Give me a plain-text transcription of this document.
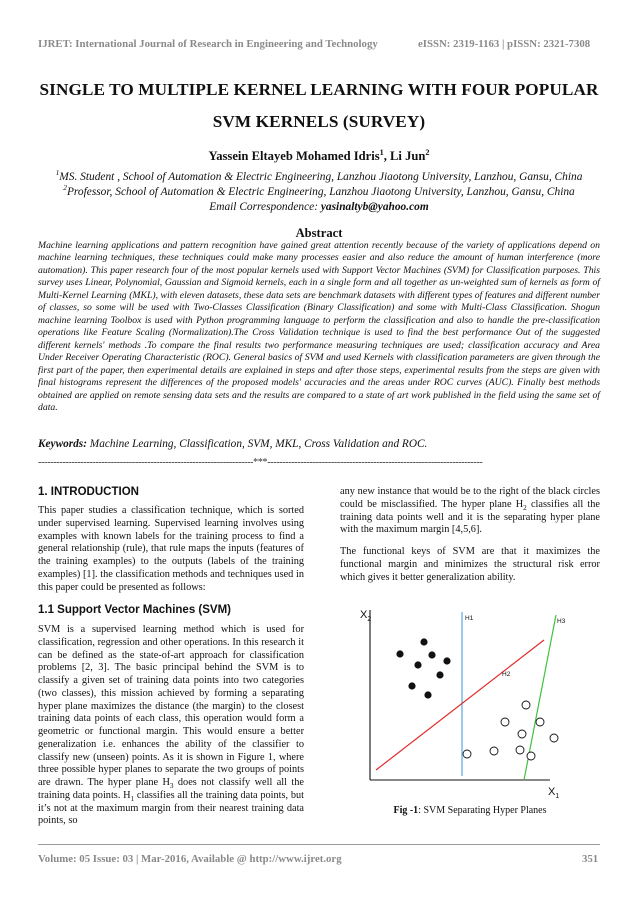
IJRET: International Journal of Research in Engineering and Technology	eISSN: 2319-1163 | pISSN: 2321-7308
SINGLE TO MULTIPLE KERNEL LEARNING WITH FOUR POPULAR
SVM KERNELS (SURVEY)
Yassein Eltayeb Mohamed Idris$^1$, Li Jun$^2$
$^1$MS. Student , School of Automation & Electric Engineering, Lanzhou Jiaotong University, Lanzhou, Gansu, China
$^2$Professor, School of Automation & Electric Engineering, Lanzhou Jiaotong University, Lanzhou, Gansu, China
Email Correspondence: yasinaltyb@yahoo.com
Abstract
Machine learning applications and pattern recognition have gained great attention recently because of the variety of applications depend on machine learning techniques, these techniques could make many processes easier and also reduce the amount of human interference (more automation). This paper research four of the most popular kernels used with Support Vector Machines (SVM) for Classification purposes. This survey uses Linear, Polynomial, Gaussian and Sigmoid kernels, each in a single form and all together as un-weighted sum of kernels as form of Multi-Kernel Learning (MKL), with eleven datasets, these data sets are benchmark datasets with different types of features and different number of classes, so some will be used with Two-Classes Classification (Binary Classification) and some with Multi-Class Classification. Shogun machine learning Toolbox is used with Python programming language to perform the classification and also to handle the pre-classification operations like Feature Scaling (Normalization).The Cross Validation technique is used to find the best performance Out of the suggested different kernels' methods .To compare the final results two performance measuring techniques are used; classification accuracy and Area Under Receiver Operating Characteristic (ROC). General basics of SVM and used Kernels with classification parameters are given through the first part of the paper, then experimental details are explained in steps and after those steps, experimental results from the steps are given with final histograms represent the differences of the proposed models' accuracies and the areas under ROC curves (AUC). Finally best methods obtained are applied on remote sensing data sets and the results are compared to a state of art work published in the field using the same set of data.
Keywords: Machine Learning, Classification, SVM, MKL, Cross Validation and ROC.
-----------------------------------------------------------------------***-----------------------------------------------------------------------
1. INTRODUCTION
This paper studies a classification technique, which is sorted under supervised learning. Supervised learning involves using examples with known labels for the training process to find a general relationship (rule), that rule maps the inputs (features of the training examples) to the outputs (labels of the training examples) [1]. the classification methods and techniques used in this paper could be presented as follows:
1.1 Support Vector Machines (SVM)
SVM is a supervised learning method which is used for classification, regression and other operations. In this research it can be defined as the state-of-art approach for classification problems [2, 3]. The basic principal behind the SVM is to classify a given set of training data points into two categories (two classes), this mission achieved by forming a separating hyper plane maximizes the distance (the margin) to the closest training data points of each class, this operation would form a geometric or functional margin. This would ensure a better generalization i.e. enhances the ability of the classifier to classify new (unseen) points. As it is shown in Figure 1, where three possible hyper planes to separate the two groups of points are drawn. The hyper plane $H_3$ does not classify well all the training data points. $H_1$ classifies all the training data points, but it’s not at the maximum margin from their nearest training data points, so
any new instance that would be to the right of the black circles could be misclassified. The hyper plane $H_2$ classifies all the training data points well and it is the separating hyper plane with the maximum margin [4,5,6].
The functional keys of SVM are that it maximizes the functional margin and minimizes the structural risk error which gives it better generalization ability.
$X_2$
$X_1$
H1
H2
H3
Fig -1: SVM Separating Hyper Planes
Volume: 05 Issue: 03 | Mar-2016, Available @ http://www.ijret.org	351
